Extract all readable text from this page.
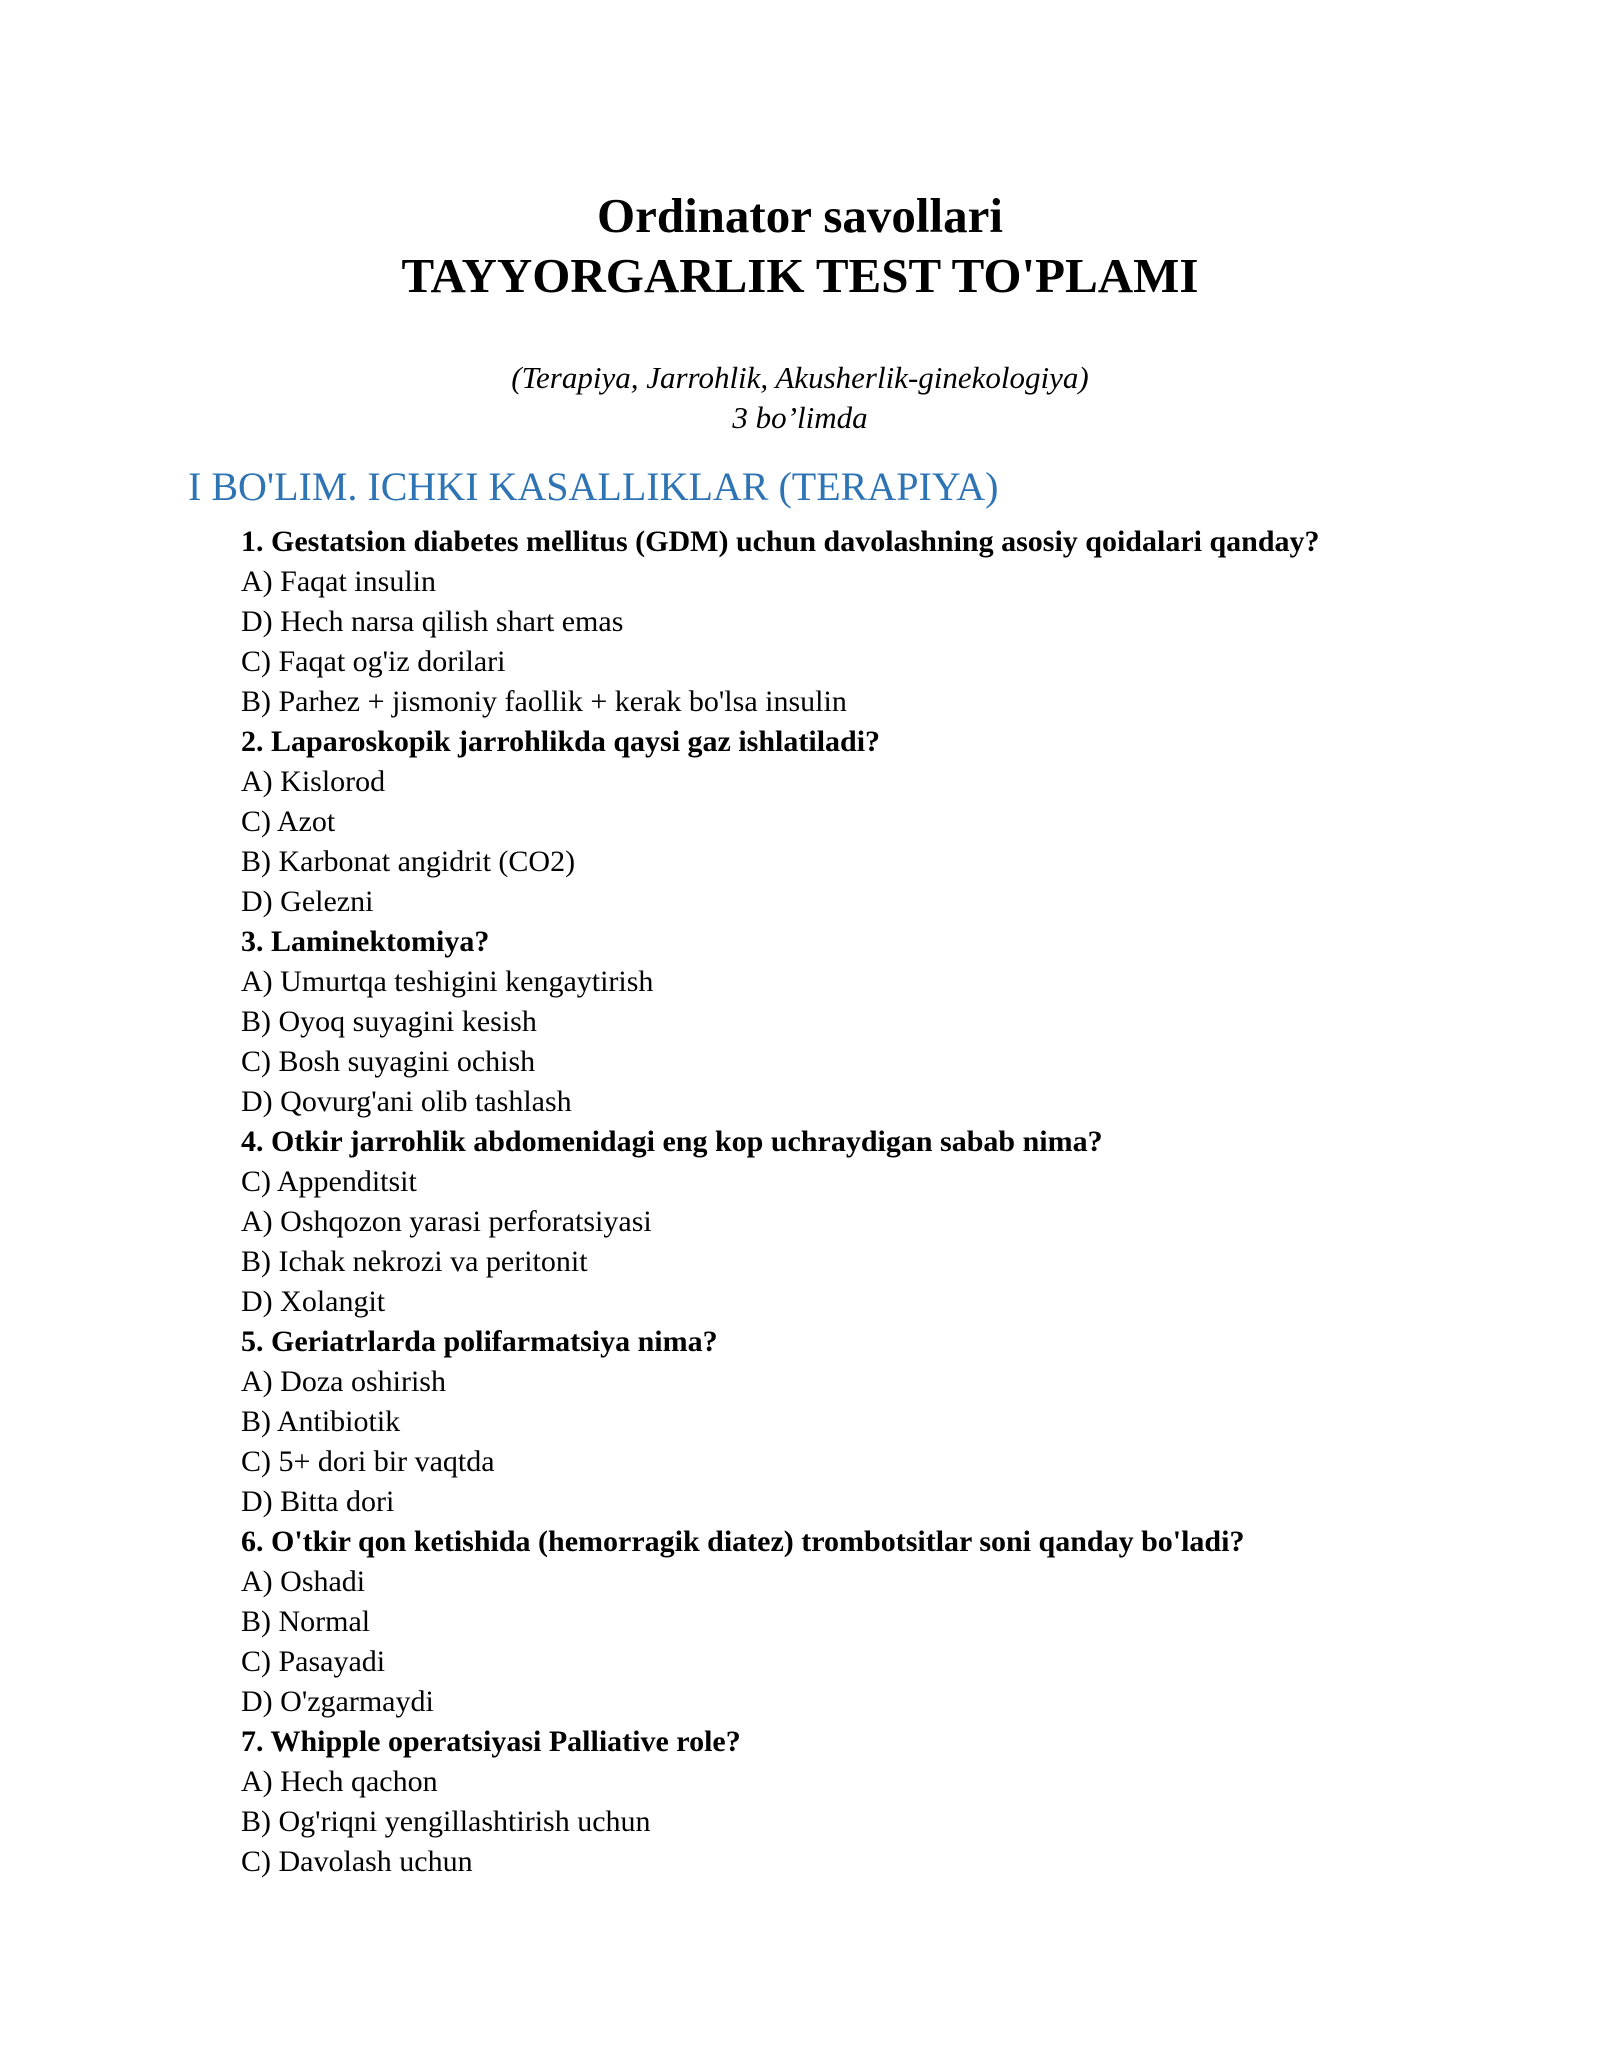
Ordinator savollari

TAYYORGARLIK TEST TO'PLAMI

(Terapiya, Jarrohlik, Akusherlik-ginekologiya)

3 bo’limda

I BO'LIM. ICHKI KASALLIKLAR (TERAPIYA)

1. Gestatsion diabetes mellitus (GDM) uchun davolashning asosiy qoidalari qanday?

A) Faqat insulin

D) Hech narsa qilish shart emas

C) Faqat og'iz dorilari

B) Parhez + jismoniy faollik + kerak bo'lsa insulin

2. Laparoskopik jarrohlikda qaysi gaz ishlatiladi?

A) Kislorod

C) Azot

B) Karbonat angidrit (CO2)

D) Gelezni

3. Laminektomiya?

A) Umurtqa teshigini kengaytirish

B) Oyoq suyagini kesish

C) Bosh suyagini ochish

D) Qovurg'ani olib tashlash

4. Otkir jarrohlik abdomenidagi eng kop uchraydigan sabab nima?

C) Appenditsit

A) Oshqozon yarasi perforatsiyasi

B) Ichak nekrozi va peritonit

D) Xolangit

5. Geriatrlarda polifarmatsiya nima?

A) Doza oshirish

B) Antibiotik

C) 5+ dori bir vaqtda

D) Bitta dori

6. O'tkir qon ketishida (hemorragik diatez) trombotsitlar soni qanday bo'ladi?

A) Oshadi

B) Normal

C) Pasayadi

D) O'zgarmaydi

7. Whipple operatsiyasi Palliative role?

A) Hech qachon

B) Og'riqni yengillashtirish uchun

C) Davolash uchun
